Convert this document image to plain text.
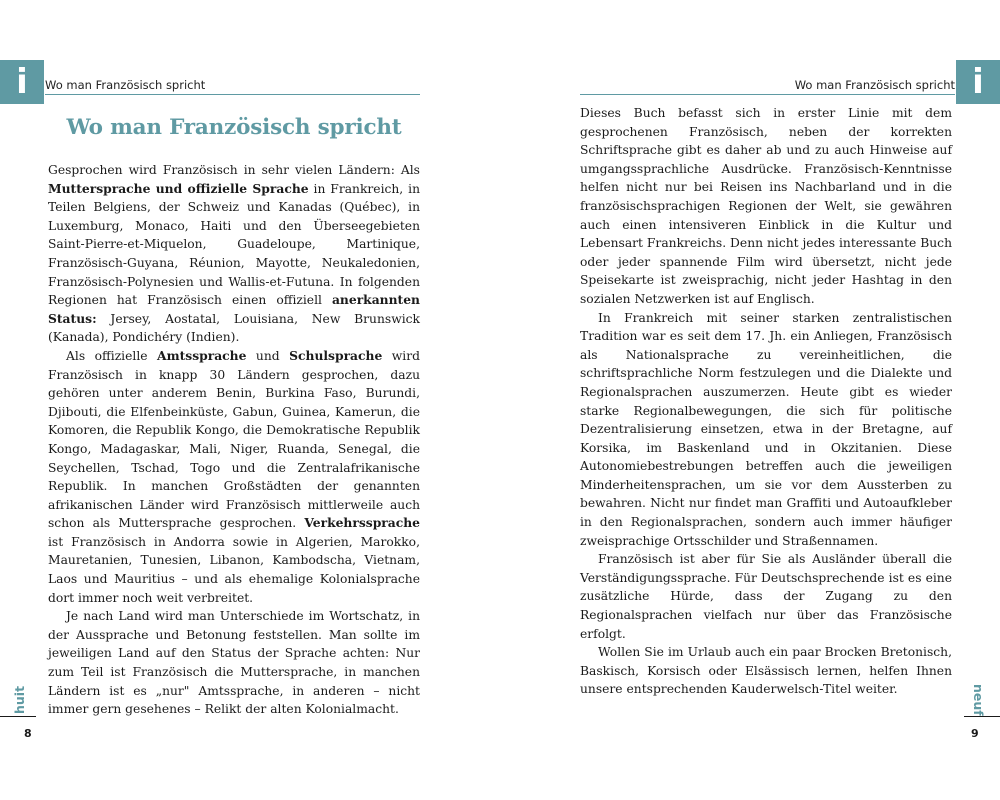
i	Wo man Französisch spricht
Wo man Französisch spricht

Gesprochen wird Französisch in sehr vielen Ländern: Als Muttersprache und offizielle Sprache in Frankreich, in Teilen Belgiens, der Schweiz und Kanadas (Québec), in Luxemburg, Monaco, Haiti und den Überseegebieten Saint-Pierre-et-Miquelon, Guadeloupe, Martinique, Französisch-Guyana, Réunion, Mayotte, Neukaledonien, Französisch-Polynesien und Wallis-et-Futuna. In folgenden Regionen hat Französisch einen offiziell anerkannten Status: Jersey, Aostatal, Louisiana, New Brunswick (Kanada), Pondichéry (Indien).

Als offizielle Amtssprache und Schulsprache wird Französisch in knapp 30 Ländern gesprochen, dazu gehören unter anderem Benin, Burkina Faso, Burundi, Djibouti, die Elfenbeinküste, Gabun, Guinea, Kamerun, die Komoren, die Republik Kongo, die Demokratische Republik Kongo, Madagaskar, Mali, Niger, Ruanda, Senegal, die Seychellen, Tschad, Togo und die Zentralafrikanische Republik. In manchen Großstädten der genannten afrikanischen Länder wird Französisch mittlerweile auch schon als Muttersprache gesprochen. Verkehrssprache ist Französisch in Andorra sowie in Algerien, Marokko, Mauretanien, Tunesien, Libanon, Kambodscha, Vietnam, Laos und Mauritius – und als ehemalige Kolonialsprache dort immer noch weit verbreitet.

Je nach Land wird man Unterschiede im Wortschatz, in der Aussprache und Betonung feststellen. Man sollte im jeweiligen Land auf den Status der Sprache achten: Nur zum Teil ist Französisch die Muttersprache, in manchen Ländern ist es „nur" Amtssprache, in anderen – nicht immer gern gesehenes – Relikt der alten Kolonialmacht.

huit
8
i
Wo man Französisch spricht

Dieses Buch befasst sich in erster Linie mit dem gesprochenen Französisch, neben der korrekten Schriftsprache gibt es daher ab und zu auch Hinweise auf umgangssprachliche Ausdrücke. Französisch-Kenntnisse helfen nicht nur bei Reisen ins Nachbarland und in die französischsprachigen Regionen der Welt, sie gewähren auch einen intensiveren Einblick in die Kultur und Lebensart Frankreichs. Denn nicht jedes interessante Buch oder jeder spannende Film wird übersetzt, nicht jede Speisekarte ist zweisprachig, nicht jeder Hashtag in den sozialen Netzwerken ist auf Englisch.

In Frankreich mit seiner starken zentralistischen Tradition war es seit dem 17. Jh. ein Anliegen, Französisch als Nationalsprache zu vereinheitlichen, die schriftsprachliche Norm festzulegen und die Dialekte und Regionalsprachen auszumerzen. Heute gibt es wieder starke Regionalbewegungen, die sich für politische Dezentralisierung einsetzen, etwa in der Bretagne, auf Korsika, im Baskenland und in Okzitanien. Diese Autonomiebestrebungen betreffen auch die jeweiligen Minderheitensprachen, um sie vor dem Aussterben zu bewahren. Nicht nur findet man Graffiti und Autoaufkleber in den Regionalsprachen, sondern auch immer häufiger zweisprachige Ortsschilder und Straßennamen.

Französisch ist aber für Sie als Ausländer überall die Verständigungssprache. Für Deutschsprechende ist es eine zusätzliche Hürde, dass der Zugang zu den Regionalsprachen vielfach nur über das Französische erfolgt.

Wollen Sie im Urlaub auch ein paar Brocken Bretonisch, Baskisch, Korsisch oder Elsässisch lernen, helfen Ihnen unsere entsprechenden Kauderwelsch-Titel weiter.	neuf
9
